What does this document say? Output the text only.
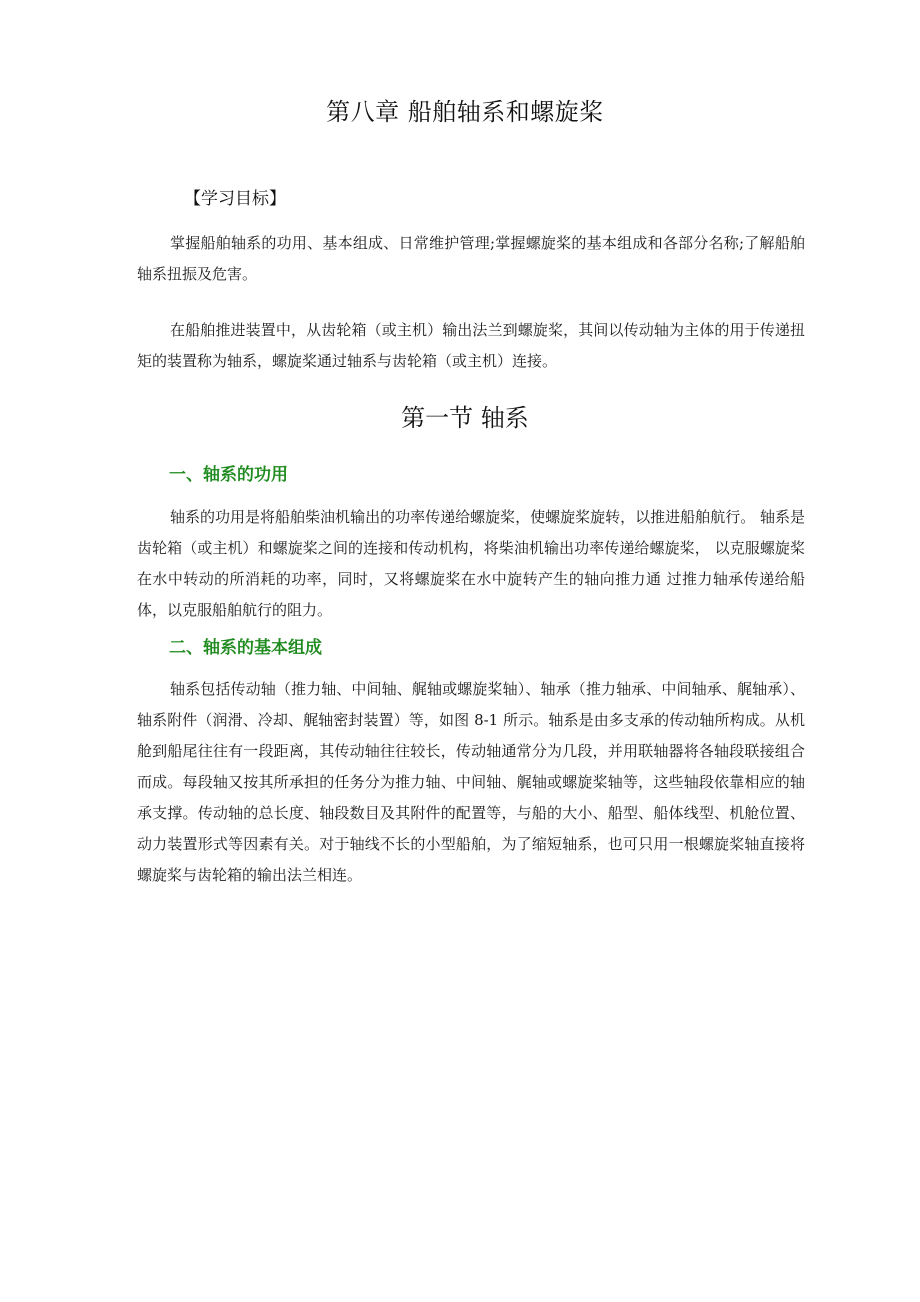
第八章 船舶轴系和螺旋桨
【学习目标】

掌握船舶轴系的功用、基本组成、日常维护管理;掌握螺旋桨的基本组成和各部分名称;了解船舶轴系扭振及危害。

在船舶推进装置中，从齿轮箱（或主机）输出法兰到螺旋桨，其间以传动轴为主体的用于传递扭矩的装置称为轴系，螺旋桨通过轴系与齿轮箱（或主机）连接。

第一节 轴系
一、轴系的功用

轴系的功用是将船舶柴油机输出的功率传递给螺旋桨，使螺旋桨旋转，以推进船舶航行。 轴系是齿轮箱（或主机）和螺旋桨之间的连接和传动机构，将柴油机输出功率传递给螺旋桨， 以克服螺旋桨在水中转动的所消耗的功率，同时，又将螺旋桨在水中旋转产生的轴向推力通 过推力轴承传递给船体，以克服船舶航行的阻力。

二、轴系的基本组成

轴系包括传动轴（推力轴、中间轴、艉轴或螺旋桨轴）、轴承（推力轴承、中间轴承、艉轴承）、轴系附件（润滑、冷却、艉轴密封装置）等，如图 8-1 所示。轴系是由多支承的传动轴所构成。从机舱到船尾往往有一段距离，其传动轴往往较长，传动轴通常分为几段，并用联轴器将各轴段联接组合而成。每段轴又按其所承担的任务分为推力轴、中间轴、艉轴或螺旋桨轴等，这些轴段依靠相应的轴承支撑。传动轴的总长度、轴段数目及其附件的配置等，与船的大小、船型、船体线型、机舱位置、动力装置形式等因素有关。对于轴线不长的小型船舶，为了缩短轴系，也可只用一根螺旋桨轴直接将螺旋桨与齿轮箱的输出法兰相连。
